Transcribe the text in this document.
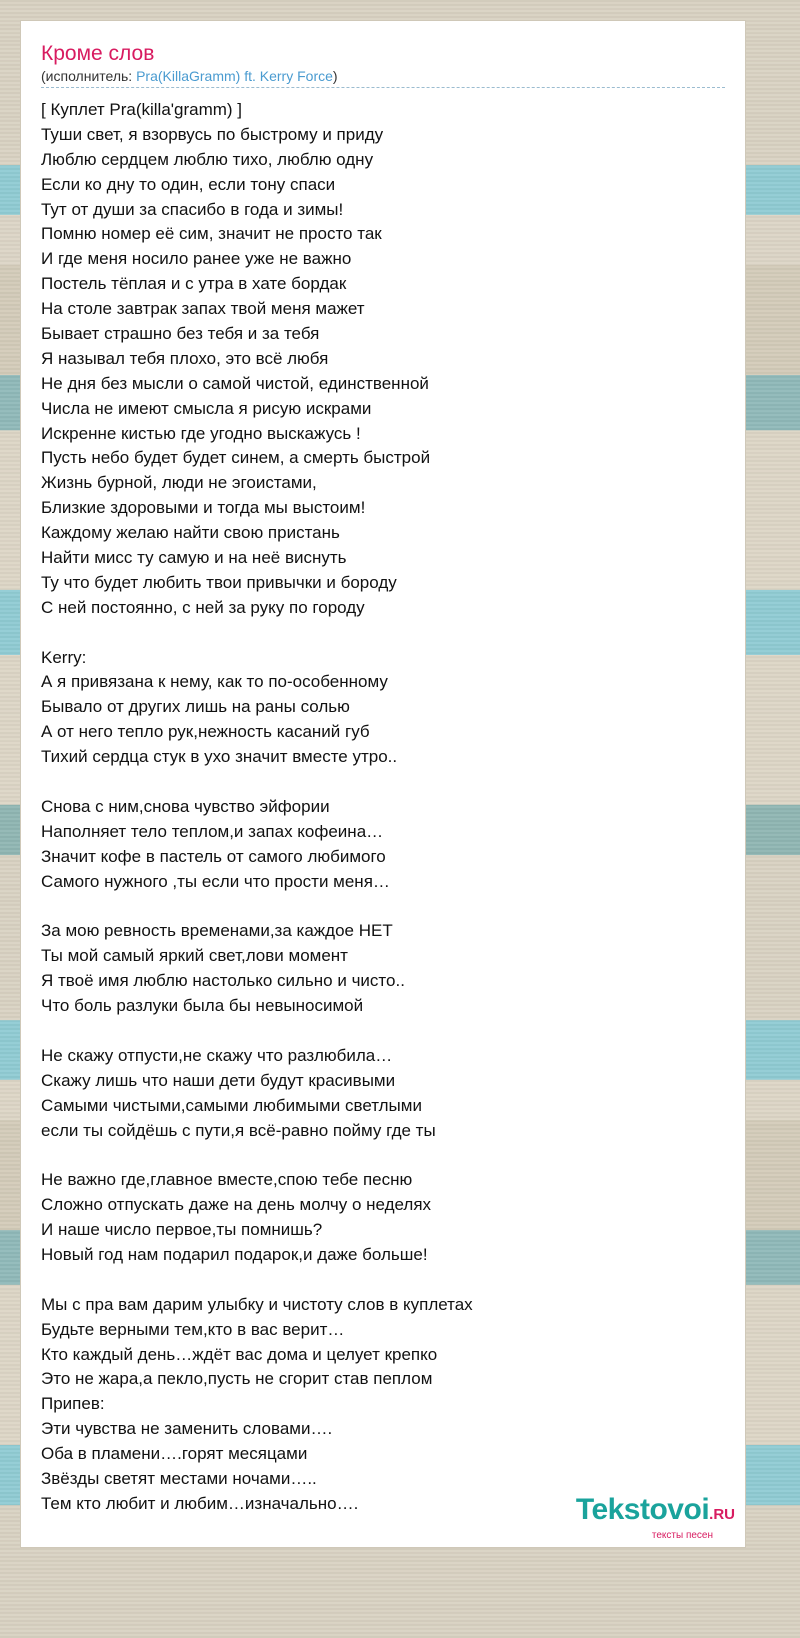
Кроме слов
(исполнитель: Pra(KillaGramm) ft. Kerry Force)
[ Куплет Pra(killa'gramm) ]
Туши свет, я взорвусь по быстрому и приду
Люблю сердцем люблю тихо, люблю одну
Если ко дну то один, если тону спаси
Тут от души за спасибо в года и зимы!
Помню номер её сим, значит не просто так
И где меня носило ранее уже не важно
Постель тёплая и с утра в хате бордак
На столе завтрак запах твой меня мажет
Бывает страшно без тебя и за тебя
Я называл тебя плохо, это всё любя
Не дня без мысли о самой чистой, единственной
Числа не имеют смысла я рисую искрами
Искренне кистью где угодно выскажусь !
Пусть небо будет будет синем, а смерть быстрой
Жизнь бурной, люди не эгоистами,
Близкие здоровыми и тогда мы выстоим!
Каждому желаю найти свою пристань
Найти мисс ту самую и на неё виснуть
Ту что будет любить твои привычки и бороду
С ней постоянно, с ней за руку по городу
Kerry:
А я привязана к нему, как то по-особенному
Бывало от других лишь на раны солью
А от него тепло рук,нежность касаний губ
Тихий сердца стук в ухо значит вместе утро..
Снова с ним,снова чувство эйфории
Наполняет тело теплом,и запах кофеина…
Значит кофе в пастель от самого любимого
Самого нужного ,ты если что прости меня…
За мою ревность временами,за каждое НЕТ
Ты мой самый яркий свет,лови момент
Я твоё имя люблю настолько сильно и чисто..
Что боль разлуки была бы невыносимой
Не скажу отпусти,не скажу что разлюбила…
Скажу лишь что наши дети будут красивыми
Самыми чистыми,самыми любимыми светлыми
если ты сойдёшь с пути,я всё-равно пойму где ты
Не важно где,главное вместе,спою тебе песню
Сложно отпускать даже на день молчу о неделях
И наше число первое,ты помнишь?
Новый год нам подарил подарок,и даже больше!
Мы с пра вам дарим улыбку и чистоту слов в куплетах
Будьте верными тем,кто в вас верит…
Кто каждый день…ждёт вас дома и целует крепко
Это не жара,а пекло,пусть не сгорит став пеплом
Припев:
Эти чувства не заменить словами….
Оба в пламени….горят месяцами
Звёзды светят местами ночами…..
Тем кто любит и любим…изначально….	Tekstovoi.RU
тексты песен
